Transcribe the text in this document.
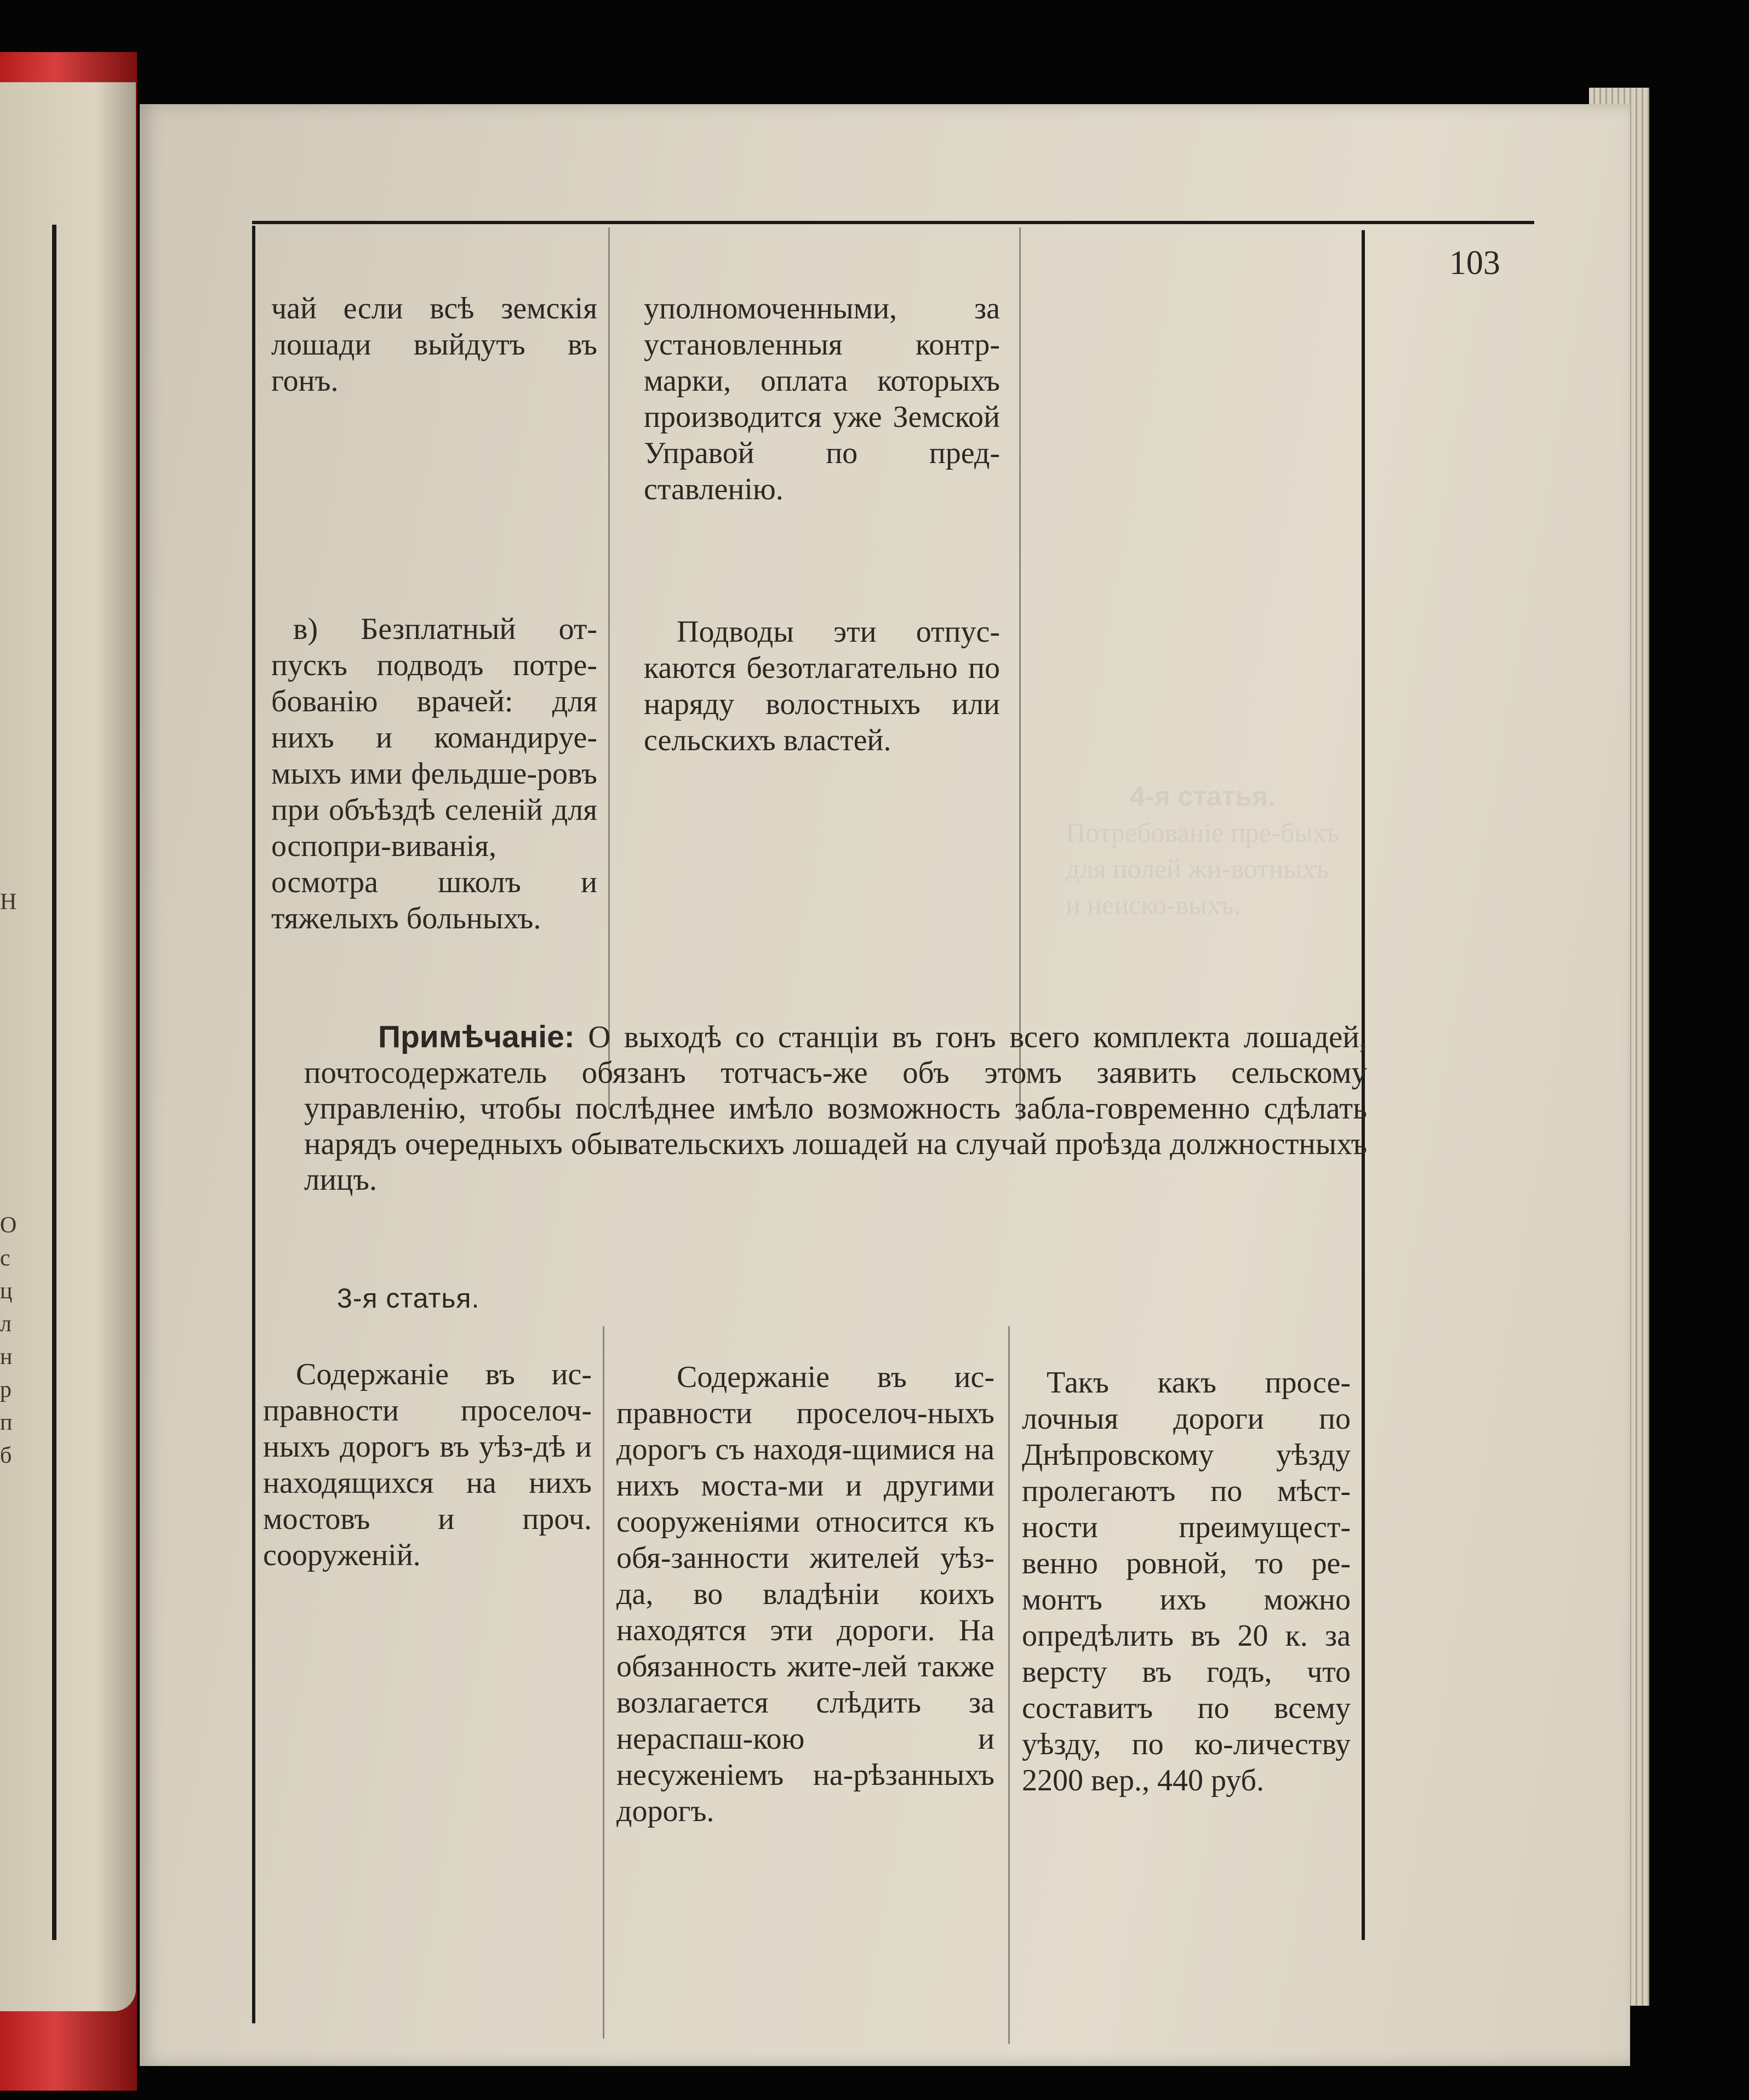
Н
О
с
ц
л
н
р
п
б
103
4-я статья.
Потребованіе пре-быхъ для полей жи-вотныхъ и неиско-выхъ.
чай если всѣ земскія лошади выйдутъ въ гонъ.
уполномоченными, за установленныя контр-марки, оплата которыхъ производится уже Земской Управой по пред-ставленію.
в) Безплатный от-пускъ подводъ потре-бованію врачей: для нихъ и командируе-мыхъ ими фельдше-ровъ при объѣздѣ селеній для оспопри-виванія, осмотра школъ и тяжелыхъ больныхъ.
Подводы эти отпус-каются безотлагательно по наряду волостныхъ или сельскихъ властей.
Примѣчаніе: О выходѣ со станціи въ гонъ всего комплекта лошадей, почтосодержатель обязанъ тотчасъ-же объ этомъ заявить сельскому управленію, чтобы послѣднее имѣло возможность забла-говременно сдѣлать нарядъ очередныхъ обывательскихъ лошадей на случай проѣзда должностныхъ лицъ.
3-я статья.
Содержаніе въ ис-правности проселоч-ныхъ дорогъ въ уѣз-дѣ и находящихся на нихъ мостовъ и проч. сооруженій.
Содержаніе въ ис-правности проселоч-ныхъ дорогъ съ находя-щимися на нихъ моста-ми и другими сооруженіями относится къ обя-занности жителей уѣз-да, во владѣніи коихъ находятся эти дороги. На обязанность жите-лей также возлагается слѣдить за нераспаш-кою и несуженіемъ на-рѣзанныхъ дорогъ.
Такъ какъ просе-лочныя дороги по Днѣпровскому уѣзду пролегаютъ по мѣст-ности преимущест-венно ровной, то ре-монтъ ихъ можно опредѣлить въ 20 к. за версту въ годъ, что составитъ по всему уѣзду, по ко-личеству 2200 вер., 440 руб.
